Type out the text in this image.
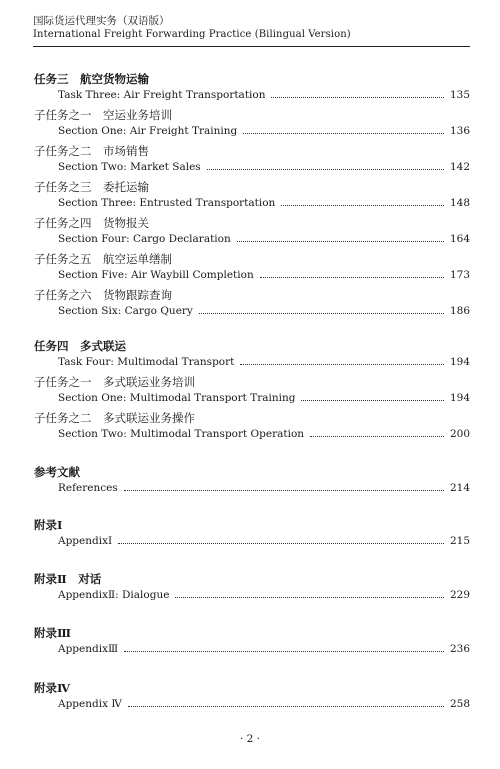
国际货运代理实务（双语版）
International Freight Forwarding Practice (Bilingual Version)
任务三　航空货物运输
Task Three: Air Freight Transportation	135
子任务之一　空运业务培训
Section One: Air Freight Training	136
子任务之二　市场销售
Section Two: Market Sales	142
子任务之三　委托运输
Section Three: Entrusted Transportation	148
子任务之四　货物报关
Section Four: Cargo Declaration	164
子任务之五　航空运单缮制
Section Five: Air Waybill Completion	173
子任务之六　货物跟踪查询
Section Six: Cargo Query	186
任务四　多式联运
Task Four: Multimodal Transport	194
子任务之一　多式联运业务培训
Section One: Multimodal Transport Training	194
子任务之二　多式联运业务操作
Section Two: Multimodal Transport Operation	200
参考文献
References	214
附录Ⅰ
AppendixⅠ	215
附录Ⅱ　对话
AppendixⅡ: Dialogue	229
附录Ⅲ
AppendixⅢ	236
附录Ⅳ
Appendix Ⅳ	258
· 2 ·
